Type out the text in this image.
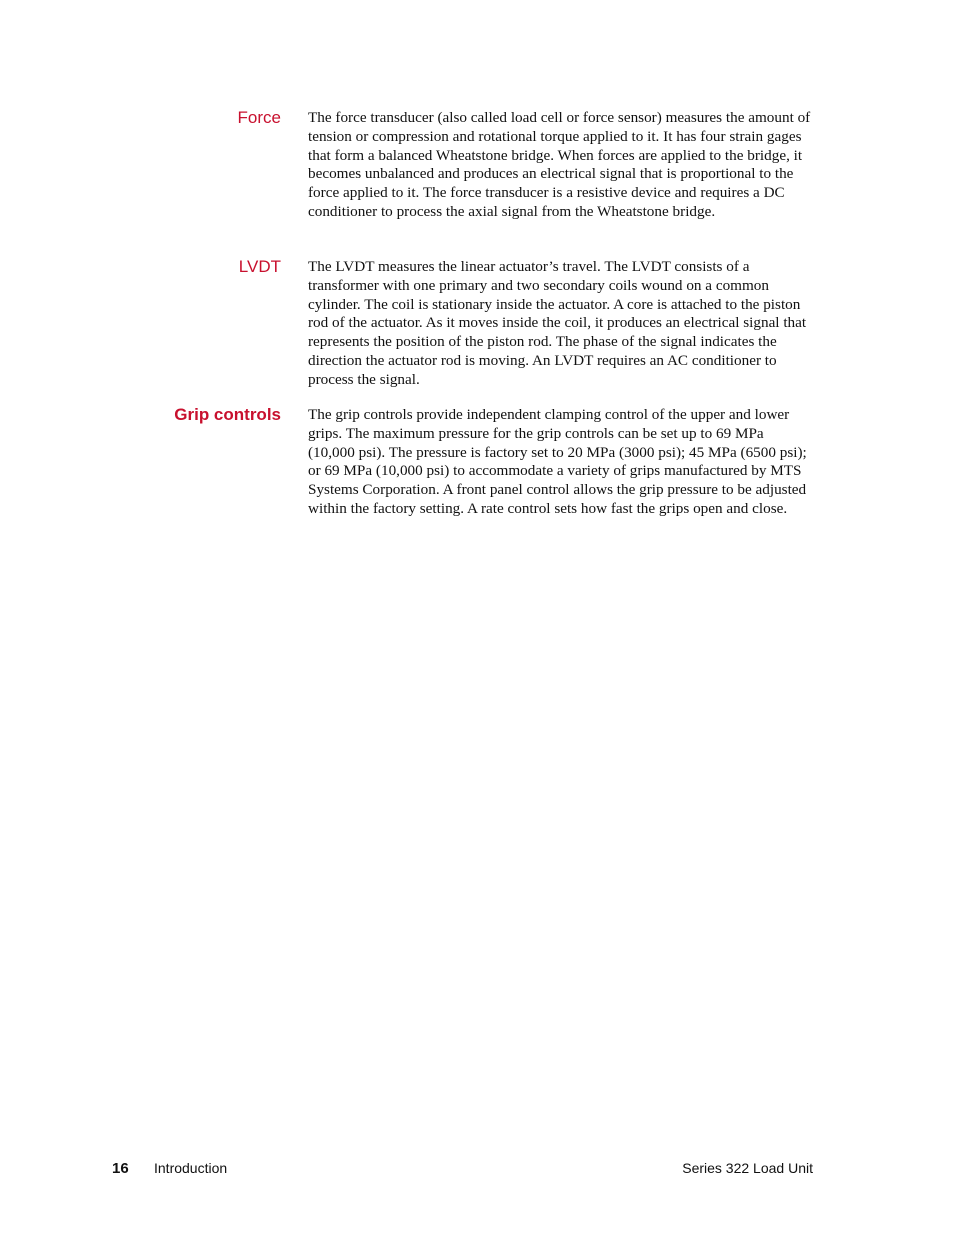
Force The force transducer (also called load cell or force sensor) measures the amount of tension or compression and rotational torque applied to it. It has four strain gages that form a balanced Wheatstone bridge. When forces are applied to the bridge, it becomes unbalanced and produces an electrical signal that is proportional to the force applied to it. The force transducer is a resistive device and requires a DC conditioner to process the axial signal from the Wheatstone bridge.

LVDT The LVDT measures the linear actuator’s travel. The LVDT consists of a transformer with one primary and two secondary coils wound on a common cylinder. The coil is stationary inside the actuator. A core is attached to the piston rod of the actuator. As it moves inside the coil, it produces an electrical signal that represents the position of the piston rod. The phase of the signal indicates the direction the actuator rod is moving. An LVDT requires an AC conditioner to process the signal.

Grip controls The grip controls provide independent clamping control of the upper and lower grips. The maximum pressure for the grip controls can be set up to 69 MPa (10,000 psi). The pressure is factory set to 20 MPa (3000 psi); 45 MPa (6500 psi); or 69 MPa (10,000 psi) to accommodate a variety of grips manufactured by MTS Systems Corporation. A front panel control allows the grip pressure to be adjusted within the factory setting. A rate control sets how fast the grips open and close.

16 Introduction	Series 322 Load Unit
